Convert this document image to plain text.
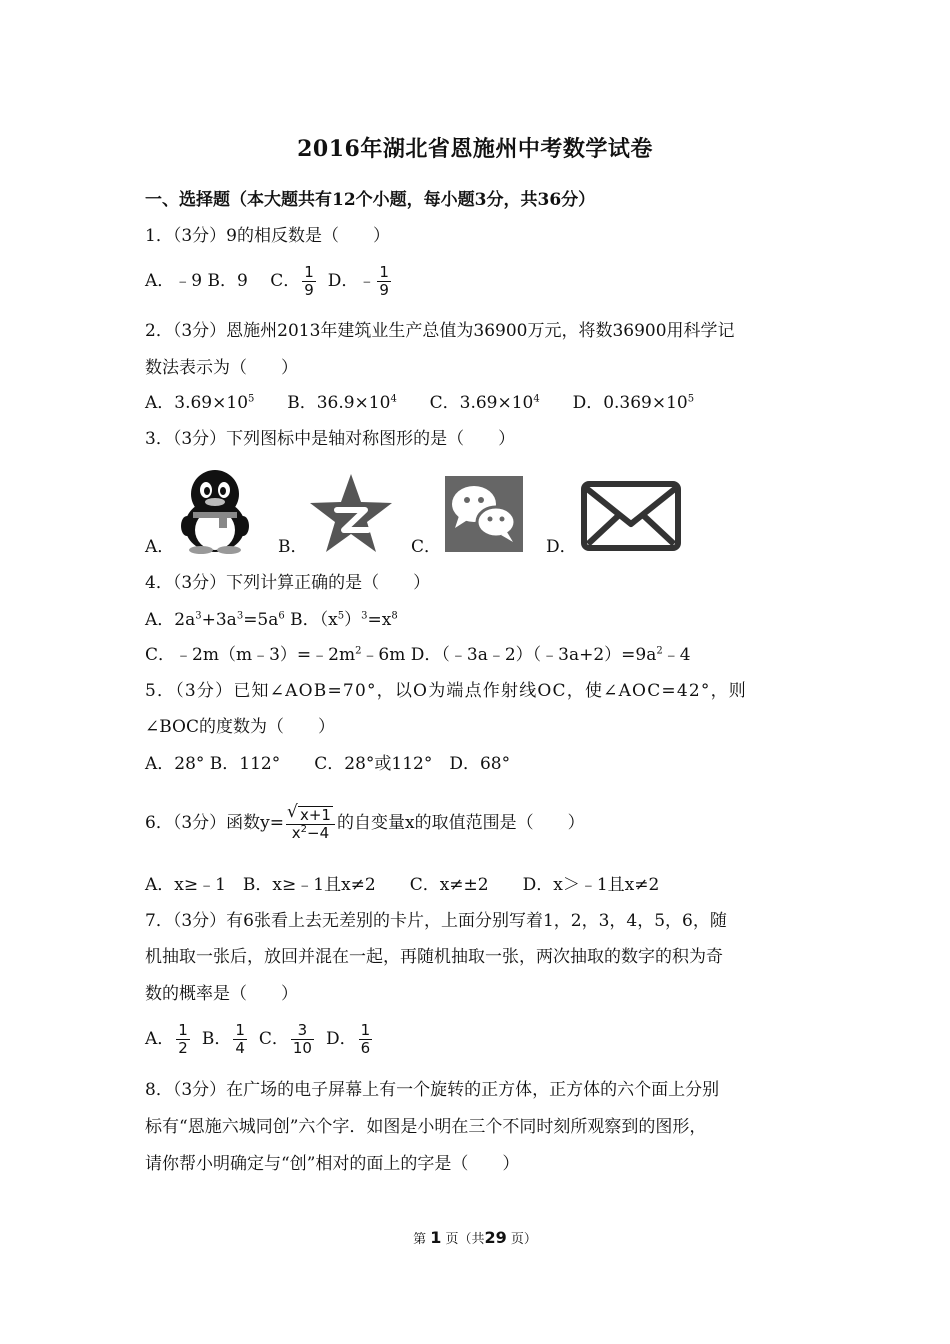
2016年湖北省恩施州中考数学试卷
一、选择题（本大题共有12个小题，每小题3分，共36分）
1．（3分）9的相反数是（　　）
A．﹣9 B．9　 C． $\frac{1}{9}$ D．﹣ $\frac{1}{9}$
2．（3分）恩施州2013年建筑业生产总值为36900万元，将数36900用科学记
数法表示为（　　）
A．$3.69\times 10^5$ B．$36.9\times 10^4$ C．$3.69\times 10^4$ D．$0.369\times 10^5$
3．（3分）下列图标中是轴对称图形的是（　　）
A．	B．	C．	D．
4．（3分）下列计算正确的是（　　）
A．$2a^3+3a^3=5a^6$ B．$(x^5)^3=x^8$
C．$﹣2m(m﹣3)=﹣2m^2﹣6m$ D．$(﹣3a﹣2)(﹣3a+2)=9a^2﹣4$
5．（3分）已知∠AOB=70°，以O为端点作射线OC，使∠AOC=42°，则
∠BOC的度数为（　　）
A．28° B．112°　　C．28°或112°　D．68°
6．（3分）函数y=
√ $\frac{x+1}{x^2-4}$ 的自变量x的取值范围是（　　）
A．x≥﹣1　B．x≥﹣1且x≠2　　C．x≠±2　　D．x＞﹣1且x≠2
7．（3分）有6张看上去无差别的卡片，上面分别写着1，2，3，4，5，6，随
机抽取一张后，放回并混在一起，再随机抽取一张，两次抽取的数字的积为奇
数的概率是（　　）
A． $\frac{1}{2}$ B． $\frac{1}{4}$ C． $\frac{3}{10}$ D． $\frac{1}{6}$
8．（3分）在广场的电子屏幕上有一个旋转的正方体，正方体的六个面上分别
标有“恩施六城同创”六个字．如图是小明在三个不同时刻所观察到的图形，
请你帮小明确定与“创”相对的面上的字是（　　）
第 1 页（共29 页）
